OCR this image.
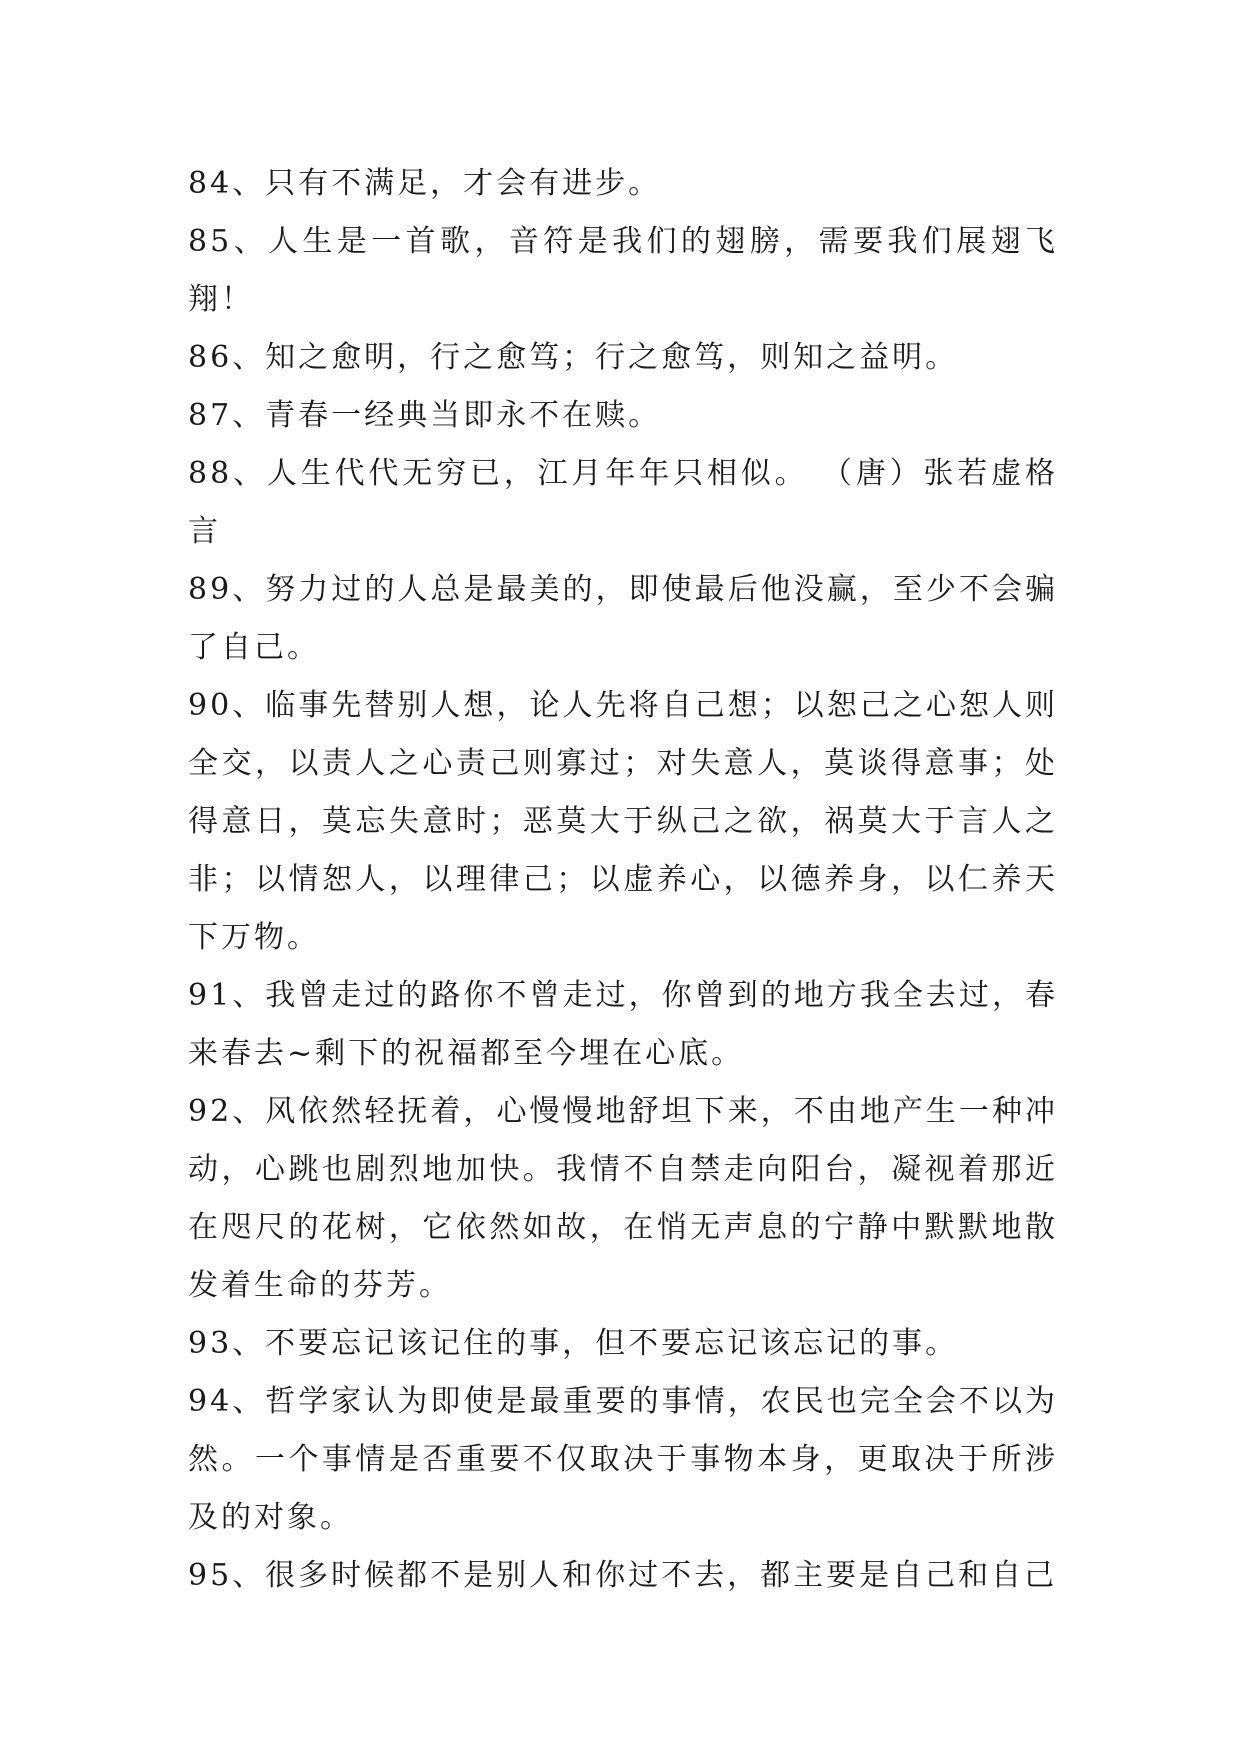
84、只有不满足，才会有进步。

85、人生是一首歌，音符是我们的翅膀，需要我们展翅飞翔！

86、知之愈明，行之愈笃；行之愈笃，则知之益明。

87、青春一经典当即永不在赎。

88、人生代代无穷已，江月年年只相似。 （唐）张若虚格言

89、努力过的人总是最美的，即使最后他没赢，至少不会骗了自己。

90、临事先替别人想，论人先将自己想；以恕己之心恕人则全交，以责人之心责己则寡过；对失意人，莫谈得意事；处得意日，莫忘失意时；恶莫大于纵己之欲，祸莫大于言人之非；以情恕人，以理律己；以虚养心，以德养身，以仁养天下万物。

91、我曾走过的路你不曾走过，你曾到的地方我全去过，春来春去~剩下的祝福都至今埋在心底。

92、风依然轻抚着，心慢慢地舒坦下来，不由地产生一种冲动，心跳也剧烈地加快。我情不自禁走向阳台，凝视着那近在咫尺的花树，它依然如故，在悄无声息的宁静中默默地散发着生命的芬芳。

93、不要忘记该记住的事，但不要忘记该忘记的事。

94、哲学家认为即使是最重要的事情，农民也完全会不以为然。一个事情是否重要不仅取决于事物本身，更取决于所涉及的对象。

95、很多时候都不是别人和你过不去，都主要是自己和自己
